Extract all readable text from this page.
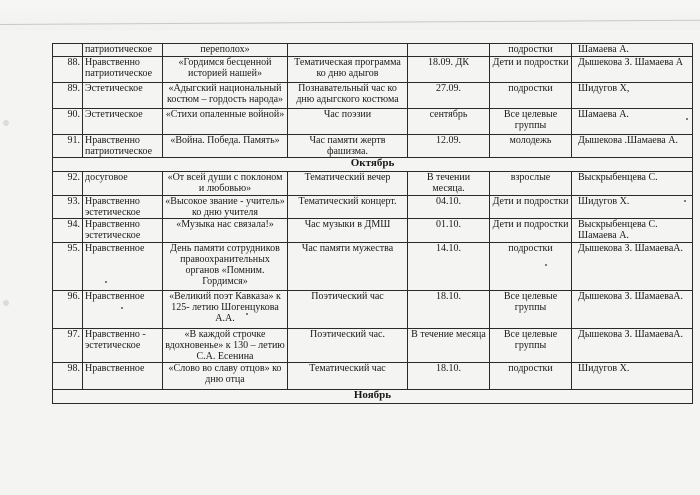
	патриотическое	переполох»			подростки	Шамаева А.
88.	Нравственно патриотическое	«Гордимся бесценной историей нашей»	Тематическая программа ко дню адыгов	18.09. ДК	Дети и подростки	Дышекова З. Шамаева А
89.	Эстетическое	«Адыгский национальный костюм – гордость народа»	Познавательный час ко дню адыгского костюма	27.09.	подростки	Шидугов Х,
90.	Эстетическое	«Стихи опаленные войной»	Час поэзии	сентябрь	Все целевые группы	Шамаева А.
91.	Нравственно патриотическое	«Война. Победа. Память»	Час памяти жертв фашизма.	12.09.	молодежь	Дышекова .Шамаева А.
Октябрь						
92.	досуговое	«От всей души с поклоном и любовью»	Тематический вечер	В течении месяца.	взрослые	Выскрыбенцева С.
93.	Нравственно эстетическое	«Высокое звание - учитель» ко дню учителя	Тематический концерт.	04.10.	Дети и подростки	Шидугов Х.
94.	Нравственно эстетическое	«Музыка нас связала!»	Час музыки в ДМШ	01.10.	Дети и подростки	Выскрыбенцева С. Шамаева А.
95.	Нравственное	День памяти сотрудников правоохранительных органов «Помним. Гордимся»	Час памяти мужества	14.10.	подростки	Дышекова З. ШамаеваА.
96.	Нравственное	«Великий поэт Кавказа» к 125- летию Шогенцукова А.А.	Поэтический час	18.10.	Все целевые группы	Дышекова З. ШамаеваА.
97.	Нравственно - эстетическое	«В каждой строчке вдохновенье» к 130 – летию С.А. Есенина	Поэтический час.	В течение месяца	Все целевые группы	Дышекова З. ШамаеваА.
98.	Нравственное	«Слово во славу отцов» ко дню отца	Тематический час	18.10.	подростки	Шидугов Х.
Ноябрь						
